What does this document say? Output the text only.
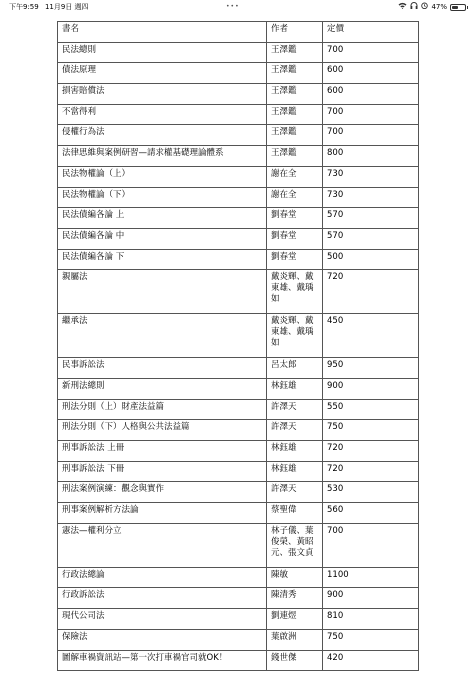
下午9:59 11月9日 週四	•••	47%
書名	作者	定價
民法總則	王澤鑑	700
債法原理	王澤鑑	600
損害賠償法	王澤鑑	600
不當得利	王澤鑑	700
侵權行為法	王澤鑑	700
法律思維與案例研習—請求權基礎理論體系	王澤鑑	800
民法物權論（上）	謝在全	730
民法物權論（下）	謝在全	730
民法債編各論 上	劉春堂	570
民法債編各論 中	劉春堂	570
民法債編各論 下	劉春堂	500
親屬法	戴炎輝、戴東雄、戴瑀如	720
繼承法	戴炎輝、戴東雄、戴瑀如	450
民事訴訟法	呂太郎	950
新刑法總則	林鈺雄	900
刑法分則（上）財產法益篇	許澤天	550
刑法分則（下）人格與公共法益篇	許澤天	750
刑事訴訟法 上冊	林鈺雄	720
刑事訴訟法 下冊	林鈺雄	720
刑法案例演練：觀念與實作	許澤天	530
刑事案例解析方法論	蔡聖偉	560
憲法—權利分立	林子儀、葉俊榮、黃昭元、張文貞	700
行政法總論	陳敏	1100
行政訴訟法	陳清秀	900
現代公司法	劉連煜	810
保險法	葉啟洲	750
圖解車禍資訊站—第一次打車禍官司就OK！	錢世傑	420
